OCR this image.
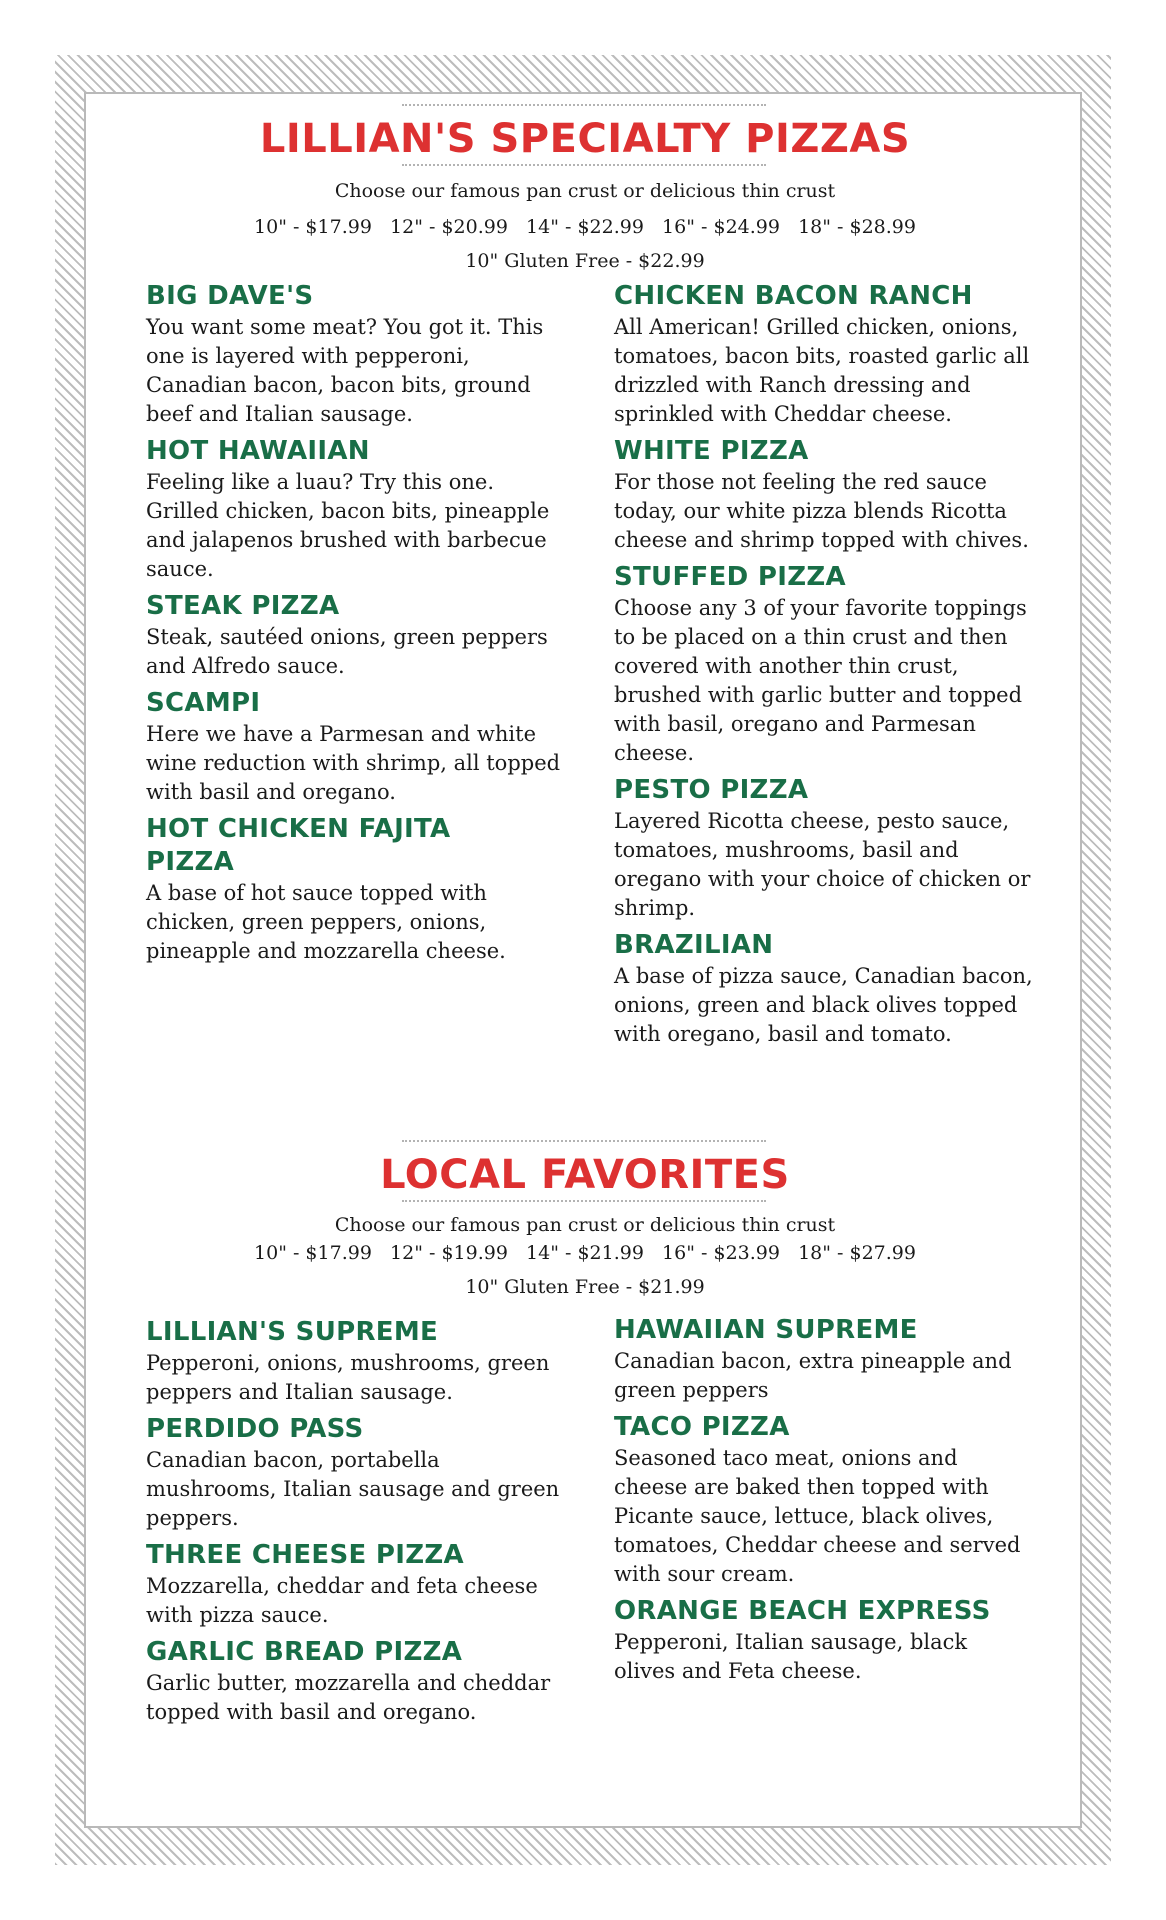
LILLIAN'S SPECIALTY PIZZAS
Choose our famous pan crust or delicious thin crust
10" - $17.99   12" - $20.99   14" - $22.99   16" - $24.99   18" - $28.99
10" Gluten Free - $22.99
BIG DAVE'S
You want some meat? You got it. This one is layered with pepperoni, Canadian bacon, bacon bits, ground beef and Italian sausage.
HOT HAWAIIAN
Feeling like a luau? Try this one. Grilled chicken, bacon bits, pineapple and jalapenos brushed with barbecue sauce.
STEAK PIZZA
Steak, sautéed onions, green peppers and Alfredo sauce.
SCAMPI
Here we have a Parmesan and white wine reduction with shrimp, all topped with basil and oregano.
HOT CHICKEN FAJITA PIZZA
A base of hot sauce topped with chicken, green peppers, onions, pineapple and mozzarella cheese.
CHICKEN BACON RANCH
All American! Grilled chicken, onions, tomatoes, bacon bits, roasted garlic all drizzled with Ranch dressing and sprinkled with Cheddar cheese.
WHITE PIZZA
For those not feeling the red sauce today, our white pizza blends Ricotta cheese and shrimp topped with chives.
STUFFED PIZZA
Choose any 3 of your favorite toppings to be placed on a thin crust and then covered with another thin crust, brushed with garlic butter and topped with basil, oregano and Parmesan cheese.
PESTO PIZZA
Layered Ricotta cheese, pesto sauce, tomatoes, mushrooms, basil and oregano with your choice of chicken or shrimp.
BRAZILIAN
A base of pizza sauce, Canadian bacon, onions, green and black olives topped with oregano, basil and tomato.
LOCAL FAVORITES
Choose our famous pan crust or delicious thin crust
10" - $17.99   12" - $19.99   14" - $21.99   16" - $23.99   18" - $27.99
10" Gluten Free - $21.99
LILLIAN'S SUPREME
Pepperoni, onions, mushrooms, green peppers and Italian sausage.
PERDIDO PASS
Canadian bacon, portabella mushrooms, Italian sausage and green peppers.
THREE CHEESE PIZZA
Mozzarella, cheddar and feta cheese with pizza sauce.
GARLIC BREAD PIZZA
Garlic butter, mozzarella and cheddar topped with basil and oregano.
HAWAIIAN SUPREME
Canadian bacon, extra pineapple and green peppers
TACO PIZZA
Seasoned taco meat, onions and cheese are baked then topped with Picante sauce, lettuce, black olives, tomatoes, Cheddar cheese and served with sour cream.
ORANGE BEACH EXPRESS
Pepperoni, Italian sausage, black olives and Feta cheese.
